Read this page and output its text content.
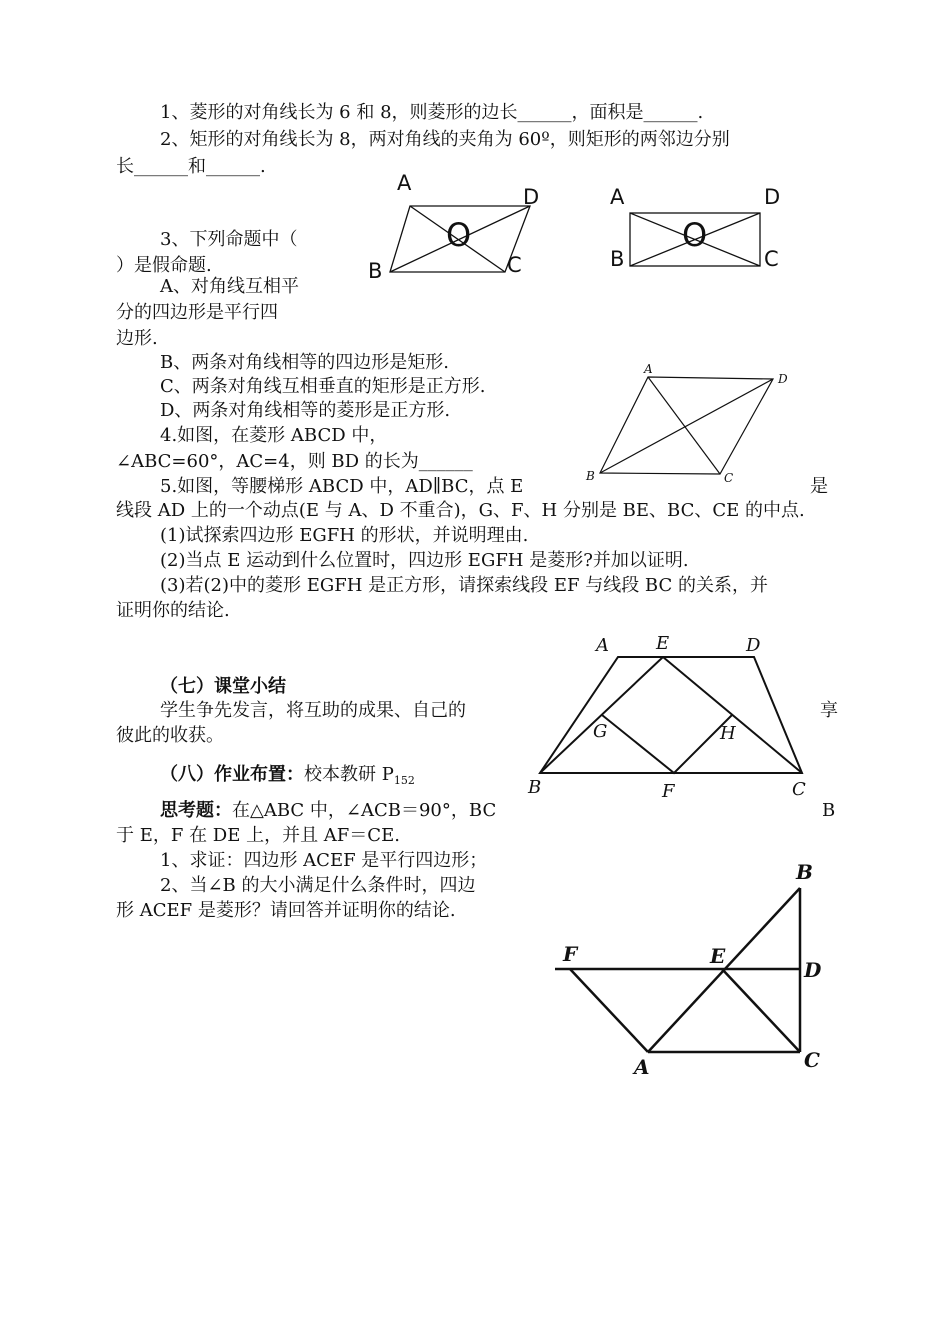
1、菱形的对角线长为 6 和 8，则菱形的边长______，面积是______.
2、矩形的对角线长为 8，两对角线的夹角为 60º，则矩形的两邻边分别
长______和______.
3、下列命题中（
）是假命题.
A、对角线互相平
分的四边形是平行四
边形.
B、两条对角线相等的四边形是矩形.
C、两条对角线互相垂直的矩形是正方形.
D、两条对角线相等的菱形是正方形.
4.如图，在菱形 ABCD 中，
∠ABC=60°，AC=4，则 BD 的长为______
5.如图，等腰梯形 ABCD 中，AD∥BC，点 E	是
线段 AD 上的一个动点(E 与 A、D 不重合)，G、F、H 分别是 BE、BC、CE 的中点.
(1)试探索四边形 EGFH 的形状，并说明理由.
(2)当点 E 运动到什么位置时，四边形 EGFH 是菱形?并加以证明.
(3)若(2)中的菱形 EGFH 是正方形，请探索线段 EF 与线段 BC 的关系，并
证明你的结论.
（七）课堂小结
学生争先发言，将互助的成果、自己的	享
彼此的收获。
（八）作业布置：校本教研 $P_{152}$
思考题：在△ABC 中，∠ACB＝90°，BC	B
于 E，F 在 DE 上，并且 AF＝CE.
1、求证：四边形 ACEF 是平行四边形；
2、当∠B 的大小满足什么条件时，四边
形 ACEF 是菱形？请回答并证明你的结论.
A
D
O
B	C
A	D
O
B	C
A
D
B	C
A	E	D
G	H
B	F	C
B
F	E
D
A	C
